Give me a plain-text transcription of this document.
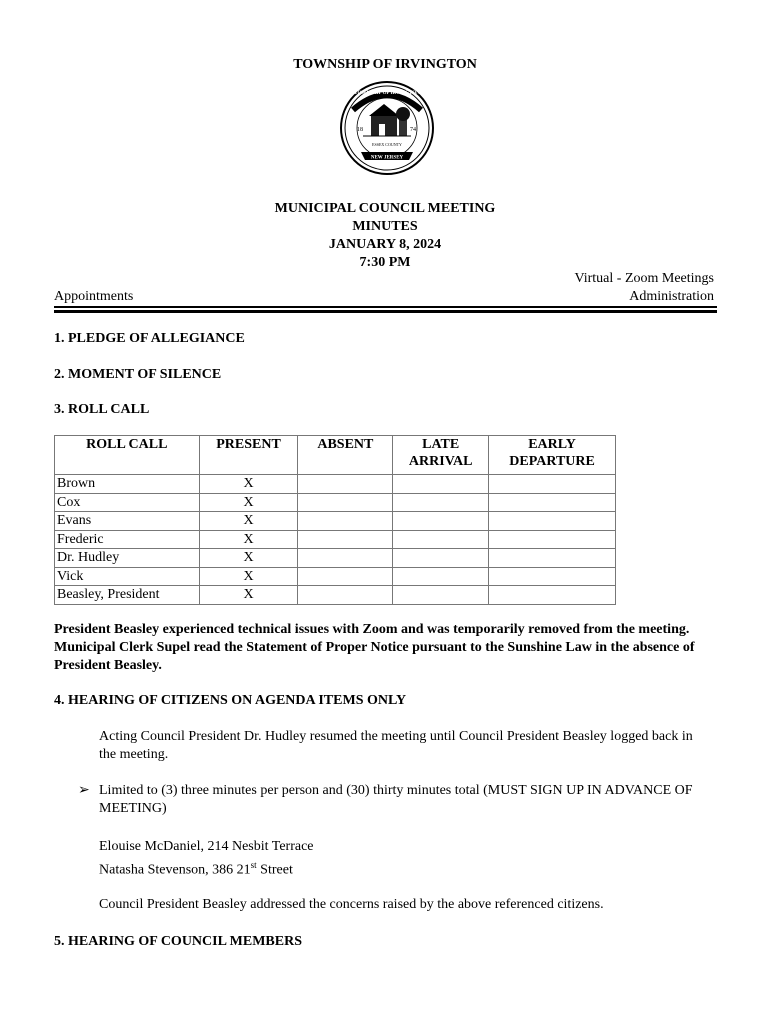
TOWNSHIP OF IRVINGTON
TOWNSHIP OF IRVINGTON
18	74
ESSEX COUNTY
NEW JERSEY
MUNICIPAL COUNCIL MEETING
MINUTES
JANUARY 8, 2024
7:30 PM
Virtual - Zoom Meetings
Appointments	Administration
1. PLEDGE OF ALLEGIANCE
2. MOMENT OF SILENCE
3. ROLL CALL
ROLL CALL	PRESENT	ABSENT	LATE ARRIVAL	EARLY DEPARTURE
Brown	X			
Cox	X			
Evans	X			
Frederic	X			
Dr. Hudley	X			
Vick	X			
Beasley, President	X			
President Beasley experienced technical issues with Zoom and was temporarily removed from the meeting. Municipal Clerk Supel read the Statement of Proper Notice pursuant to the Sunshine Law in the absence of President Beasley.
4. HEARING OF CITIZENS ON AGENDA ITEMS ONLY
Acting Council President Dr. Hudley resumed the meeting until Council President Beasley logged back in the meeting.
➢ Limited to (3) three minutes per person and (30) thirty minutes total (MUST SIGN UP IN ADVANCE OF MEETING)
Elouise McDaniel, 214 Nesbit Terrace
Natasha Stevenson, 386 21st Street
Council President Beasley addressed the concerns raised by the above referenced citizens.
5. HEARING OF COUNCIL MEMBERS
